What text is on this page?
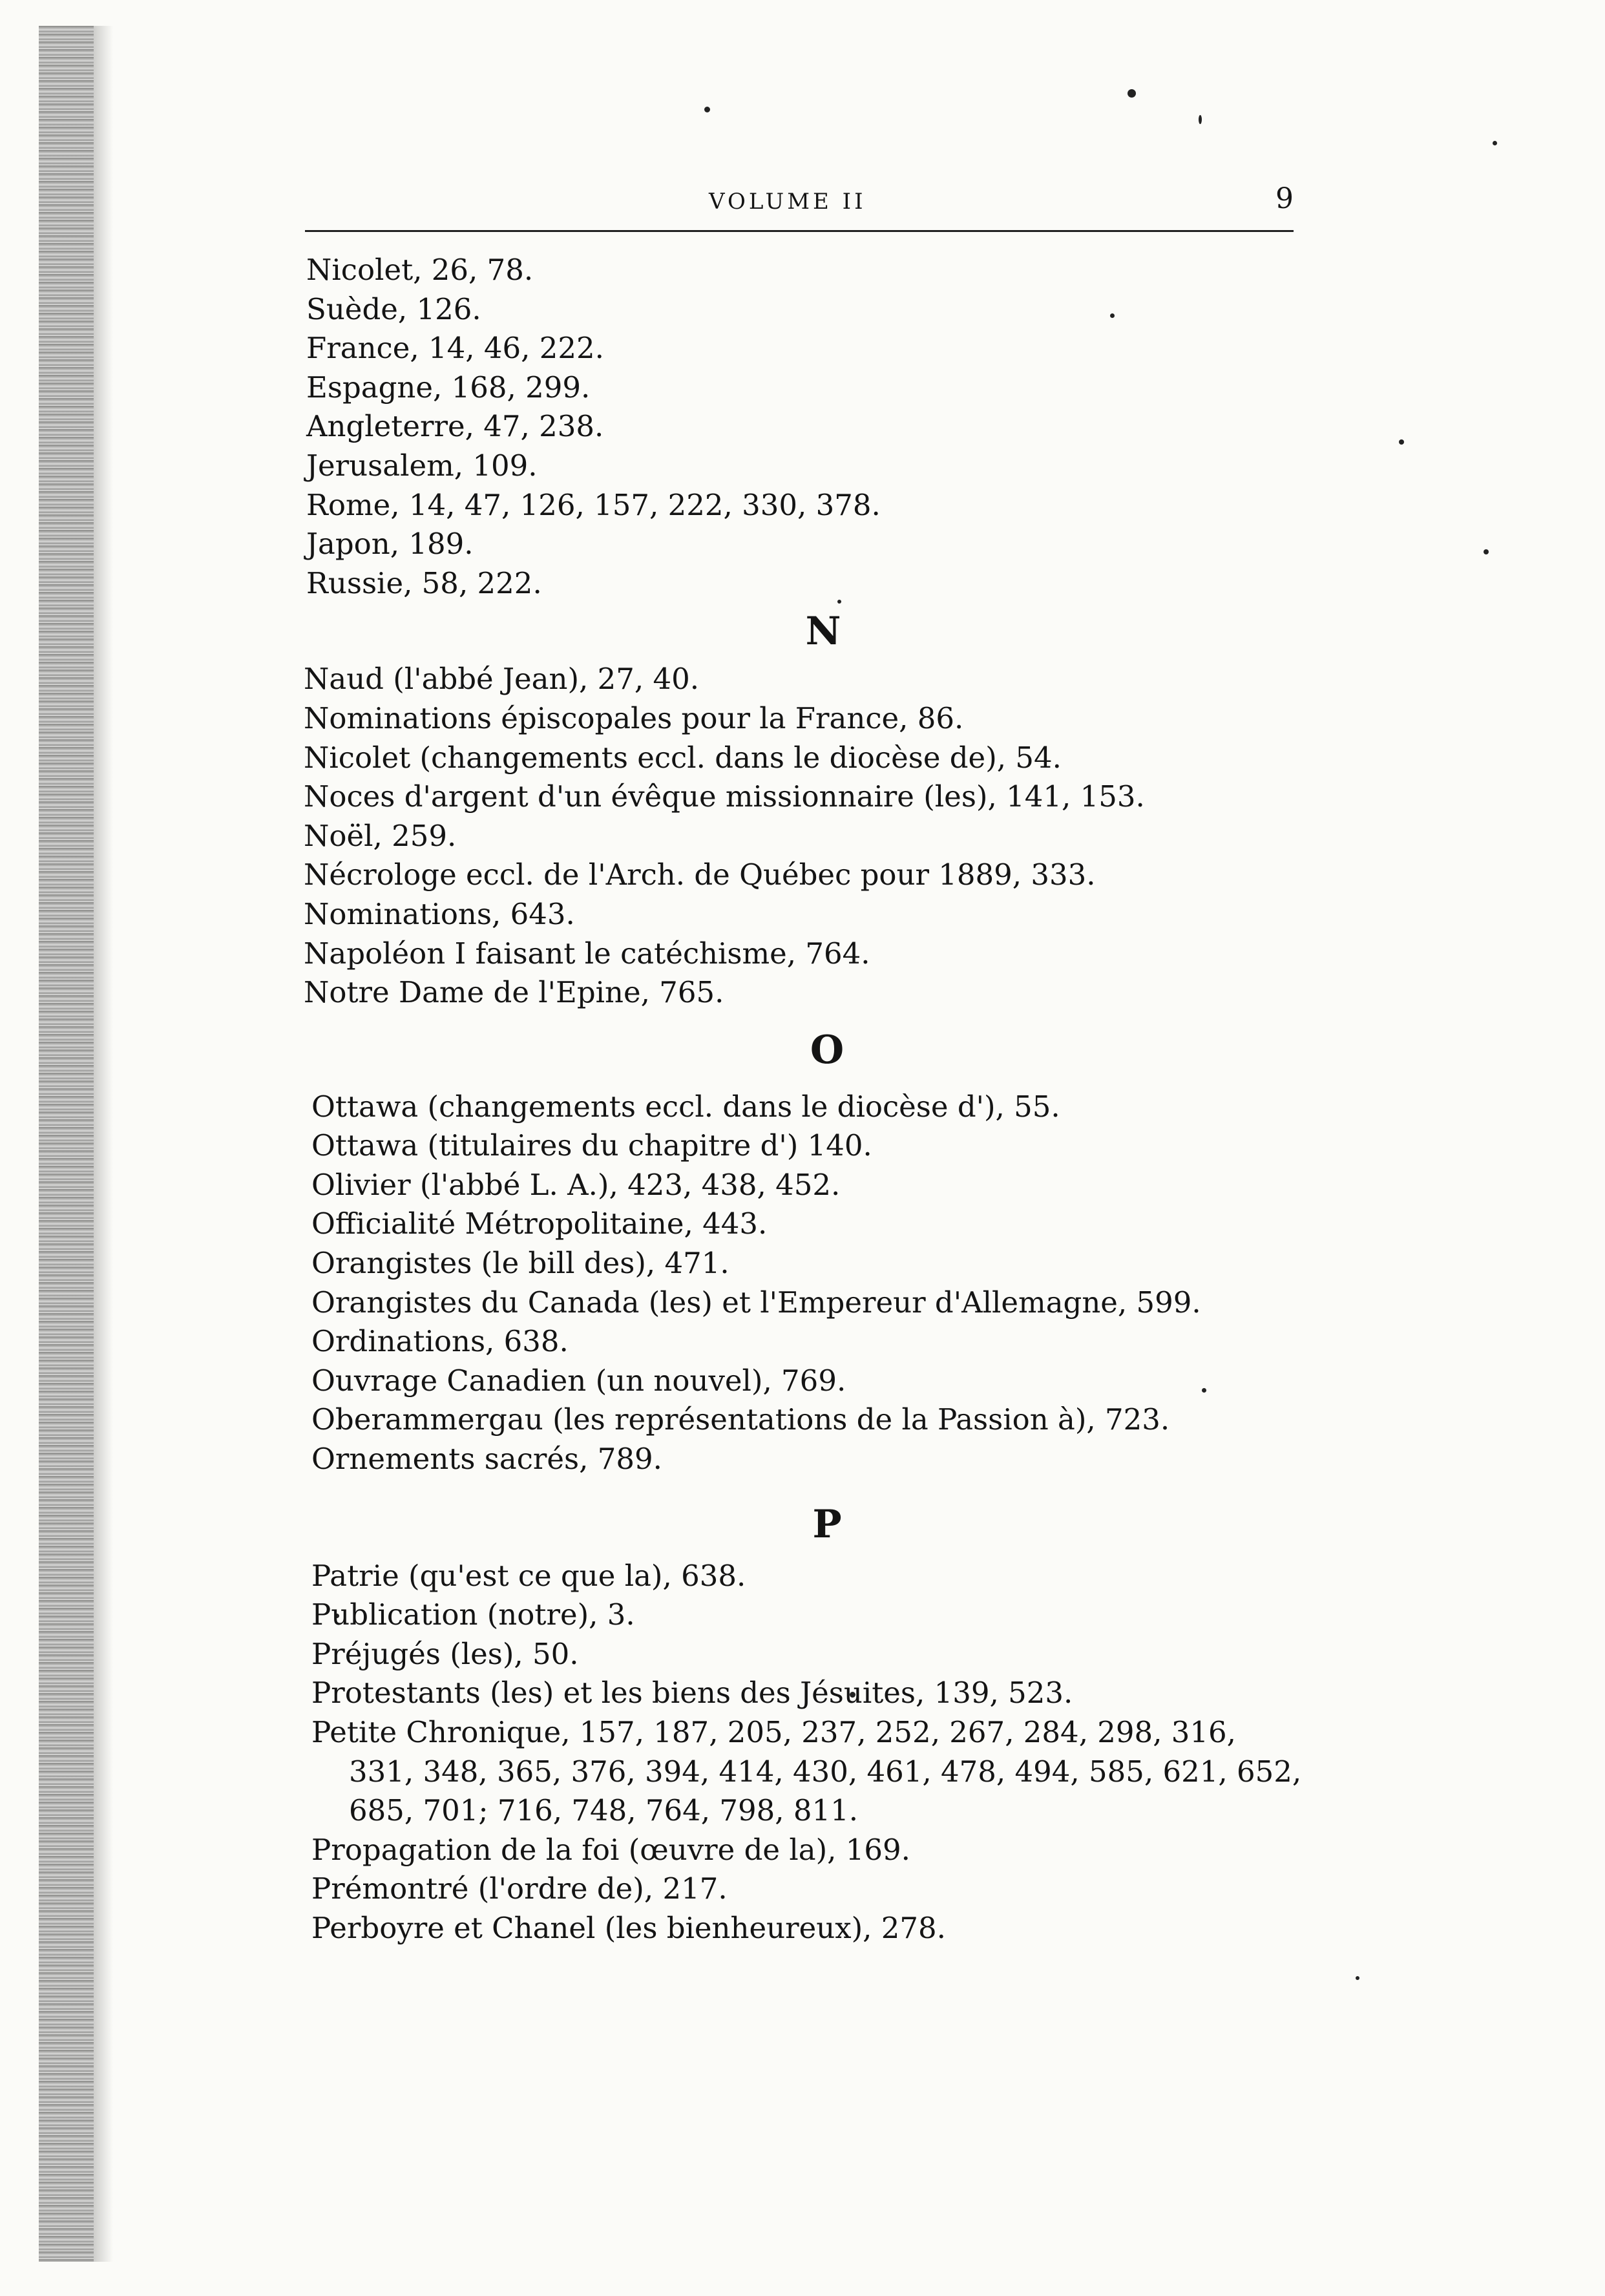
VOLUME II	9
Nicolet, 26, 78.
Suède, 126.
France, 14, 46, 222.
Espagne, 168, 299.
Angleterre, 47, 238.
Jerusalem, 109.
Rome, 14, 47, 126, 157, 222, 330, 378.
Japon, 189.
Russie, 58, 222.
N
Naud (l'abbé Jean), 27, 40.
Nominations épiscopales pour la France, 86.
Nicolet (changements eccl. dans le diocèse de), 54.
Noces d'argent d'un évêque missionnaire (les), 141, 153.
Noël, 259.
Nécrologe eccl. de l'Arch. de Québec pour 1889, 333.
Nominations, 643.
Napoléon I faisant le catéchisme, 764.
Notre Dame de l'Epine, 765.
O
Ottawa (changements eccl. dans le diocèse d'), 55.
Ottawa (titulaires du chapitre d') 140.
Olivier (l'abbé L. A.), 423, 438, 452.
Officialité Métropolitaine, 443.
Orangistes (le bill des), 471.
Orangistes du Canada (les) et l'Empereur d'Allemagne, 599.
Ordinations, 638.
Ouvrage Canadien (un nouvel), 769.
Oberammergau (les représentations de la Passion à), 723.
Ornements sacrés, 789.
P
Patrie (qu'est ce que la), 638.
Publication (notre), 3.
Préjugés (les), 50.
Protestants (les) et les biens des Jésuites, 139, 523.
Petite Chronique, 157, 187, 205, 237, 252, 267, 284, 298, 316,
331, 348, 365, 376, 394, 414, 430, 461, 478, 494, 585, 621, 652,
685, 701; 716, 748, 764, 798, 811.
Propagation de la foi (œuvre de la), 169.
Prémontré (l'ordre de), 217.
Perboyre et Chanel (les bienheureux), 278.
